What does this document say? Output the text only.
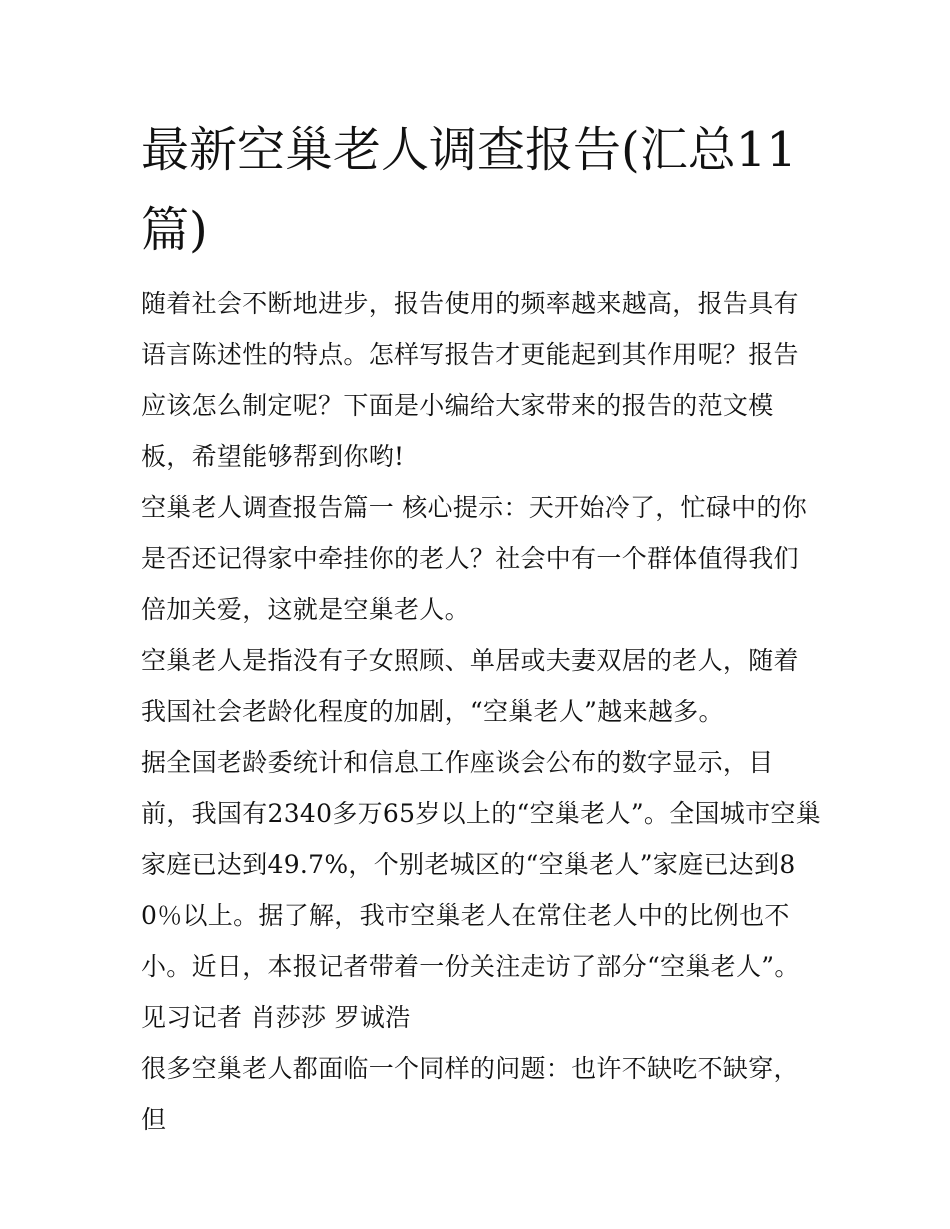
最新空巢老人调查报告(汇总11篇)

随着社会不断地进步，报告使用的频率越来越高，报告具有语言陈述性的特点。怎样写报告才更能起到其作用呢？报告应该怎么制定呢？下面是小编给大家带来的报告的范文模板，希望能够帮到你哟!

空巢老人调查报告篇一 核心提示：天开始冷了，忙碌中的你是否还记得家中牵挂你的老人？社会中有一个群体值得我们倍加关爱，这就是空巢老人。

空巢老人是指没有子女照顾、单居或夫妻双居的老人，随着我国社会老龄化程度的加剧，“空巢老人”越来越多。

据全国老龄委统计和信息工作座谈会公布的数字显示，目前，我国有2340多万65岁以上的“空巢老人”。全国城市空巢家庭已达到49.7%，个别老城区的“空巢老人”家庭已达到80％以上。据了解，我市空巢老人在常住老人中的比例也不小。近日，本报记者带着一份关注走访了部分“空巢老人”。

见习记者 肖莎莎 罗诚浩

很多空巢老人都面临一个同样的问题：也许不缺吃不缺穿，但
